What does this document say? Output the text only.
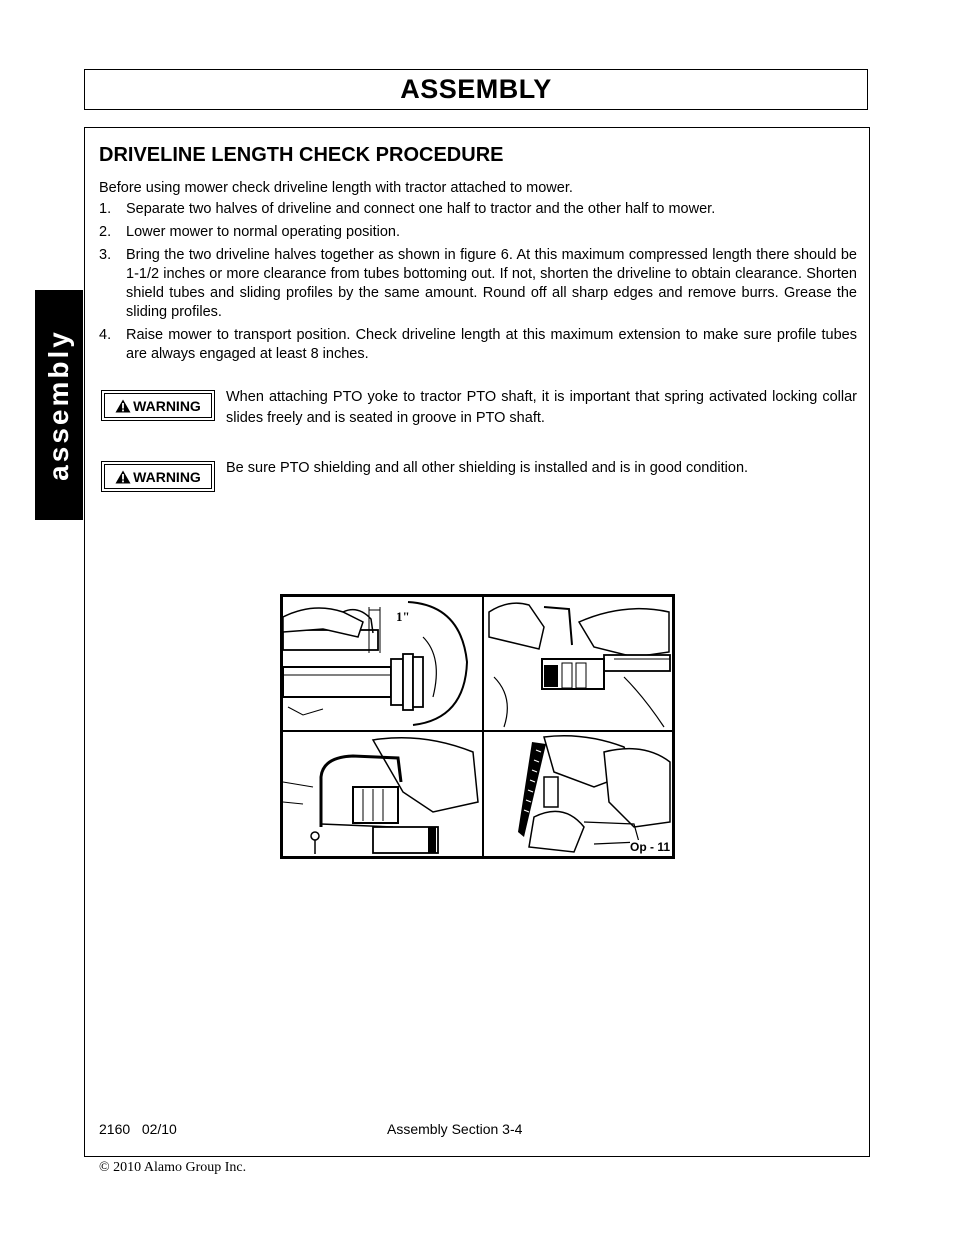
ASSEMBLY
assembly
DRIVELINE LENGTH CHECK PROCEDURE

Before using mower check driveline length with tractor attached to mower.

1.	Separate two halves of driveline and connect one half to tractor and the other half to mower.
2.	Lower mower to normal operating position.
3.	Bring the two driveline halves together as shown in figure 6. At this maximum compressed length there should be 1-1/2 inches or more clearance from tubes bottoming out. If not, shorten the driveline to obtain clearance. Shorten shield tubes and sliding profiles by the same amount. Round off all sharp edges and remove burrs. Grease the sliding profiles.
4.	Raise mower to transport position. Check driveline length at this maximum extension to make sure profile tubes are always engaged at least 8 inches.
WARNING
When attaching PTO yoke to tractor PTO shaft, it is important that spring activated locking collar slides freely and is seated in groove in PTO shaft.
WARNING
Be sure PTO shielding and all other shielding is installed and is in good condition.
1"
Op - 11
2160   02/10	Assembly Section 3-4
© 2010 Alamo Group Inc.
